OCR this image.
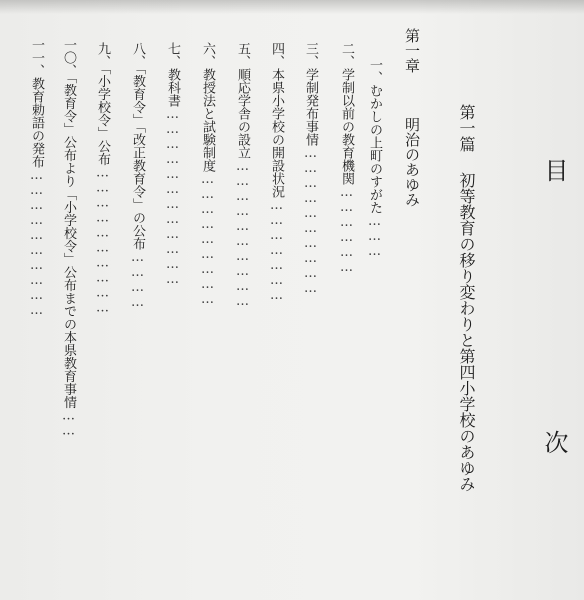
目
次
第一篇初等教育の移り変わりと第四小学校のあゆみ
第一章明治のあゆみ
一、むかしの上町のすがた………
二、学制以前の教育機関………………
三、学制発布事情…………………………
四、本県小学校の開設状況…………………
五、順応学舎の設立…………………………
六、教授法と試験制度………………………
七、教科書………………………………
八、「教育令」「改正教育令」の公布…………
九、「小学校令」公布…………………………
一〇、「教育令」公布より「小学校令」公布までの本県教育事情……
一一、教育勅語の発布…………………………
